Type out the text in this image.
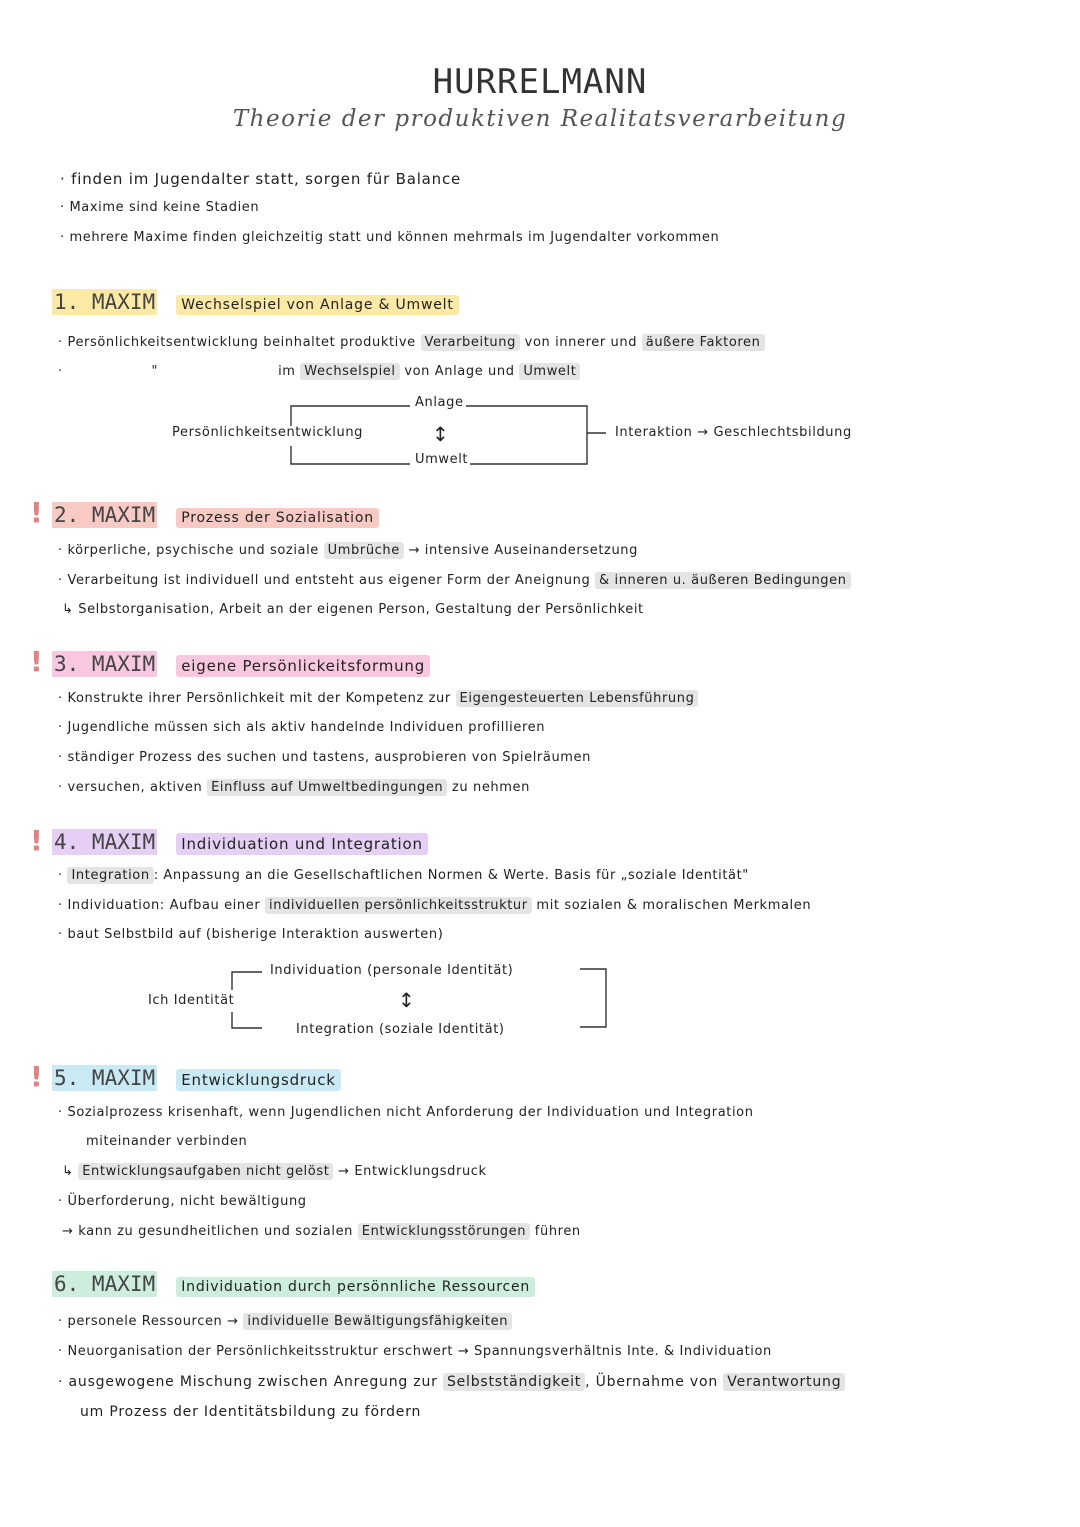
HURRELMANN
Theorie der produktiven Realitatsverarbeitung
· finden im Jugendalter statt, sorgen für Balance
· Maxime sind keine Stadien
· mehrere Maxime finden gleichzeitig statt und können mehrmals im Jugendalter vorkommen
1. MAXIM Wechselspiel von Anlage & Umwelt
· Persönlichkeitsentwicklung beinhaltet produktive Verarbeitung von innerer und äußere Faktoren
·	"	im Wechselspiel von Anlage und Umwelt
Persönlichkeitsentwicklung
Anlage
↕
Umwelt
Interaktion → Geschlechtsbildung
! 2. MAXIM Prozess der Sozialisation
· körperliche, psychische und soziale Umbrüche → intensive Auseinandersetzung
· Verarbeitung ist individuell und entsteht aus eigener Form der Aneignung & inneren u. äußeren Bedingungen
↳ Selbstorganisation, Arbeit an der eigenen Person, Gestaltung der Persönlichkeit
! 3. MAXIM eigene Persönlickeitsformung
· Konstrukte ihrer Persönlichkeit mit der Kompetenz zur Eigengesteuerten Lebensführung
· Jugendliche müssen sich als aktiv handelnde Individuen profillieren
· ständiger Prozess des suchen und tastens, ausprobieren von Spielräumen
· versuchen, aktiven Einfluss auf Umweltbedingungen zu nehmen
! 4. MAXIM Individuation und Integration
· Integration : Anpassung an die Gesellschaftlichen Normen & Werte. Basis für „soziale Identität"
· Individuation: Aufbau einer individuellen persönlichkeitsstruktur mit sozialen & moralischen Merkmalen
· baut Selbstbild auf (bisherige Interaktion auswerten)
Ich Identität
Individuation (personale Identität)
↕
Integration (soziale Identität)
! 5. MAXIM Entwicklungsdruck
· Sozialprozess krisenhaft, wenn Jugendlichen nicht Anforderung der Individuation und Integration
miteinander verbinden
↳ Entwicklungsaufgaben nicht gelöst → Entwicklungsdruck
· Überforderung, nicht bewältigung
→ kann zu gesundheitlichen und sozialen Entwicklungsstörungen führen
6. MAXIM Individuation durch persönnliche Ressourcen
· personele Ressourcen → individuelle Bewältigungsfähigkeiten
· Neuorganisation der Persönlichkeitsstruktur erschwert → Spannungsverhältnis Inte. & Individuation
· ausgewogene Mischung zwischen Anregung zur Selbstständigkeit , Übernahme von Verantwortung
um Prozess der Identitätsbildung zu fördern
